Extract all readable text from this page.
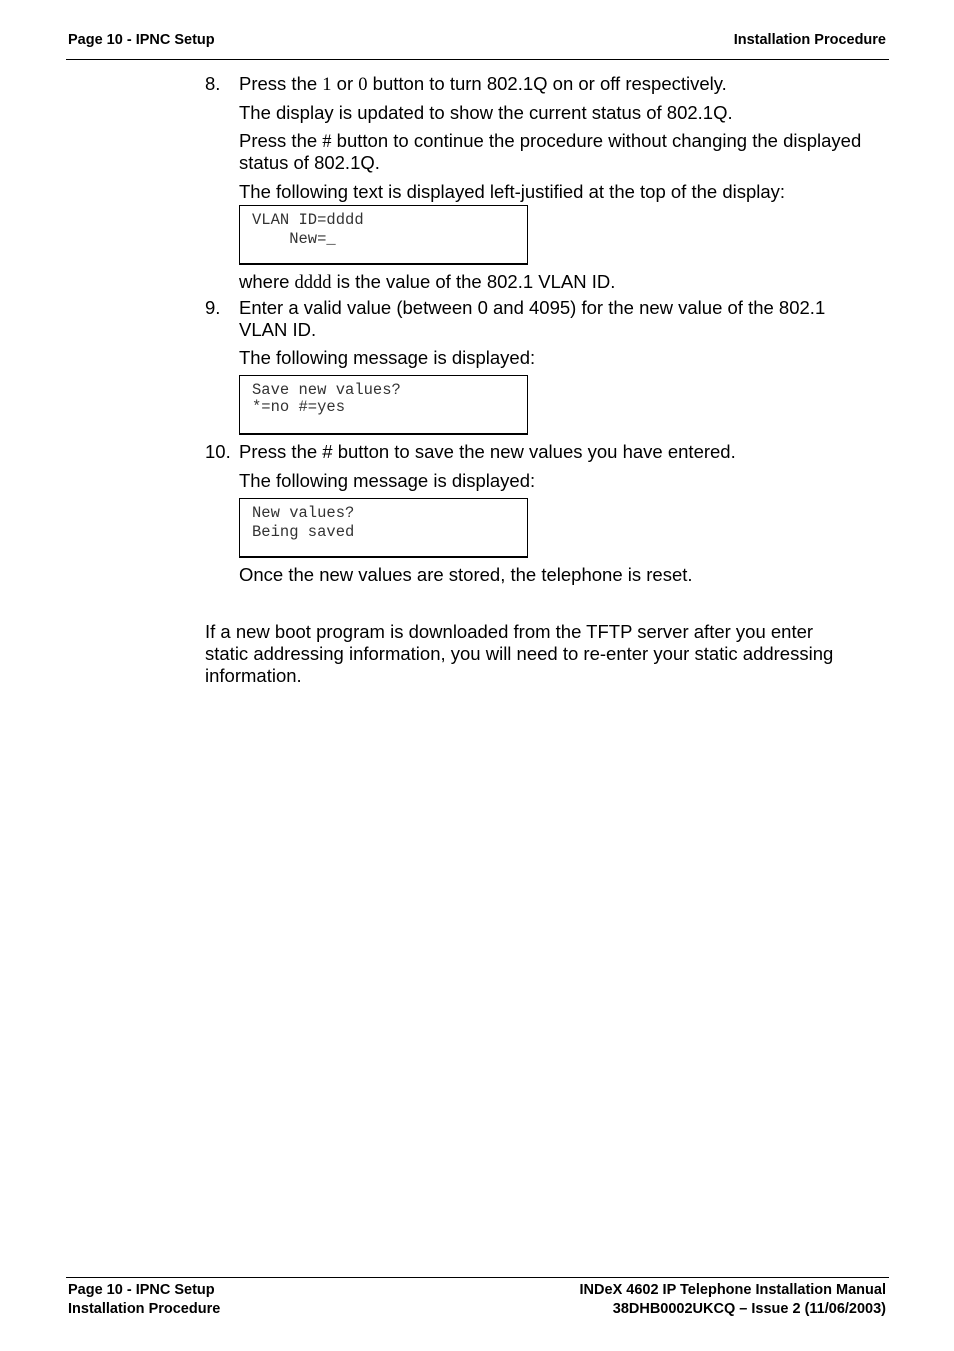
Page 10 - IPNC Setup	Installation Procedure
8. Press the 1 or 0 button to turn 802.1Q on or off respectively.
The display is updated to show the current status of 802.1Q.
Press the # button to continue the procedure without changing the displayed
status of 802.1Q.
The following text is displayed left-justified at the top of the display:
VLAN ID=dddd
New=_
where dddd is the value of the 802.1 VLAN ID.
9. Enter a valid value (between 0 and 4095) for the new value of the 802.1
VLAN ID.
The following message is displayed:
Save new values?
*=no #=yes
10. Press the # button to save the new values you have entered.
The following message is displayed:
New values?
Being saved
Once the new values are stored, the telephone is reset.
If a new boot program is downloaded from the TFTP server after you enter
static addressing information, you will need to re-enter your static addressing
information.
Page 10 - IPNC Setup
Installation Procedure
INDeX 4602 IP Telephone Installation Manual
38DHB0002UKCQ – Issue 2 (11/06/2003)
